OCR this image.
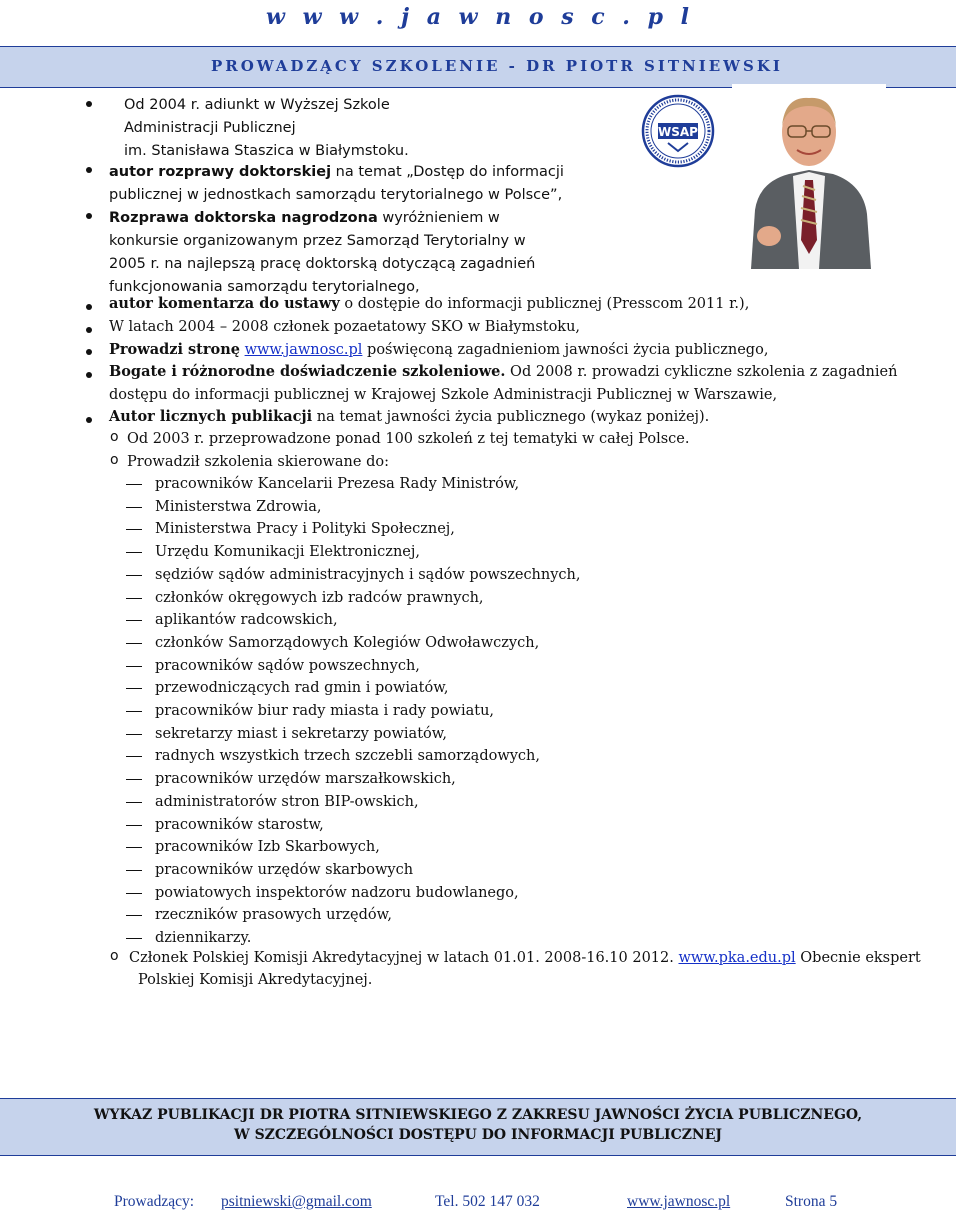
w w w . j a w n o s c . p l
PROWADZĄCY SZKOLENIE - DR PIOTR SITNIEWSKI
WSAP
Od 2004 r. adiunkt w Wyższej Szkole
Administracji Publicznej
im. Stanisława Staszica w Białymstoku.
autor rozprawy doktorskiej na temat „Dostęp do informacji
publicznej w jednostkach samorządu terytorialnego w Polsce”,
Rozprawa doktorska nagrodzona wyróżnieniem w
konkursie organizowanym przez Samorząd Terytorialny w
2005 r. na najlepszą pracę doktorską dotyczącą zagadnień
funkcjonowania samorządu terytorialnego,
autor komentarza do ustawy o dostępie do informacji publicznej (Presscom 2011 r.),
W latach 2004 – 2008 członek pozaetatowy SKO w Białymstoku,
Prowadzi stronę www.jawnosc.pl poświęconą zagadnieniom jawności życia publicznego,
Bogate i różnorodne doświadczenie szkoleniowe. Od 2008 r. prowadzi cykliczne szkolenia z zagadnień
dostępu do informacji publicznej w Krajowej Szkole Administracji Publicznej w Warszawie,
Autor licznych publikacji na temat jawności życia publicznego (wykaz poniżej).
o Od 2003 r. przeprowadzone ponad 100 szkoleń z tej tematyki w całej Polsce.
o Prowadził szkolenia skierowane do:
pracowników Kancelarii Prezesa Rady Ministrów,
Ministerstwa Zdrowia,
Ministerstwa Pracy i Polityki Społecznej,
Urzędu Komunikacji Elektronicznej,
sędziów sądów administracyjnych i sądów powszechnych,
członków okręgowych izb radców prawnych,
aplikantów radcowskich,
członków Samorządowych Kolegiów Odwoławczych,
pracowników sądów powszechnych,
przewodniczących rad gmin i powiatów,
pracowników biur rady miasta i rady powiatu,
sekretarzy miast i sekretarzy powiatów,
radnych wszystkich trzech szczebli samorządowych,
pracowników urzędów marszałkowskich,
administratorów stron BIP-owskich,
pracowników starostw,
pracowników Izb Skarbowych,
pracowników urzędów skarbowych
powiatowych inspektorów nadzoru budowlanego,
rzeczników prasowych urzędów,
dziennikarzy.
o Członek Polskiej Komisji Akredytacyjnej w latach 01.01. 2008-16.10 2012. www.pka.edu.pl Obecnie ekspert
Polskiej Komisji Akredytacyjnej.
WYKAZ PUBLIKACJI DR PIOTRA SITNIEWSKIEGO Z ZAKRESU JAWNOŚCI ŻYCIA PUBLICZNEGO,
W SZCZEGÓLNOŚCI DOSTĘPU DO INFORMACJI PUBLICZNEJ
Prowadzący: psitniewski@gmail.com	Tel. 502 147 032	www.jawnosc.pl	Strona 5
